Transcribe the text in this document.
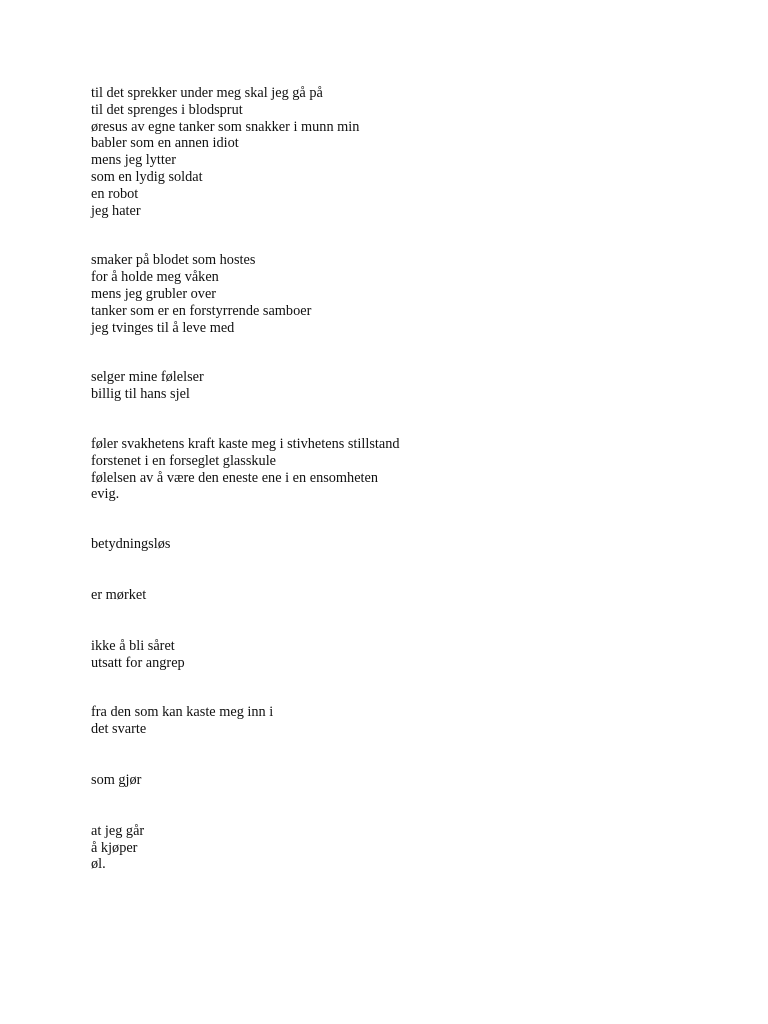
til det sprekker under meg skal jeg gå på
til det sprenges i blodsprut
øresus av egne tanker som snakker i munn min
babler som en annen idiot
mens jeg lytter
som en lydig soldat
en robot
jeg hater
smaker på blodet som hostes
for å holde meg våken
mens jeg grubler over
tanker som er en forstyrrende samboer
jeg tvinges til å leve med
selger mine følelser
billig til hans sjel
føler svakhetens kraft kaste meg i stivhetens stillstand
forstenet i en forseglet glasskule
følelsen av å være den eneste ene i en ensomheten
evig.
betydningsløs
er mørket
ikke å bli såret
utsatt for angrep
fra den som kan kaste meg inn i
det svarte
som gjør
at jeg går
å kjøper
øl.
